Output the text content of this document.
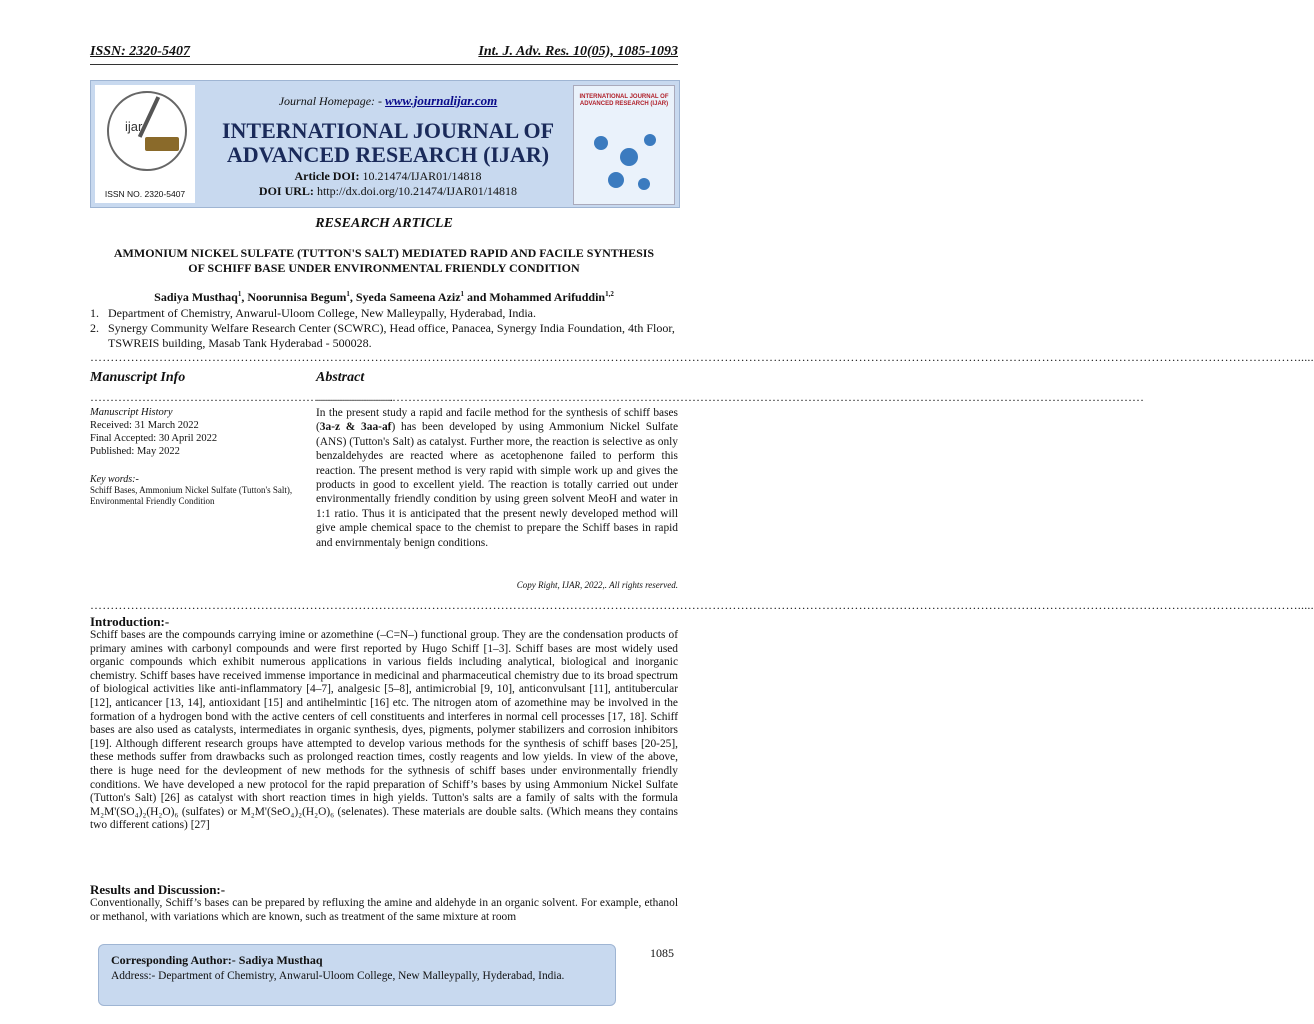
ISSN: 2320-5407	Int. J. Adv. Res. 10(05), 1085-1093
ijar
ISSN NO. 2320-5407
Journal Homepage: - www.journalijar.com
INTERNATIONAL JOURNAL OF
ADVANCED RESEARCH (IJAR)
Article DOI: 10.21474/IJAR01/14818
DOI URL: http://dx.doi.org/10.21474/IJAR01/14818
INTERNATIONAL JOURNAL OF ADVANCED RESEARCH (IJAR)
RESEARCH ARTICLE
AMMONIUM NICKEL SULFATE (TUTTON'S SALT) MEDIATED RAPID AND FACILE SYNTHESIS
OF SCHIFF BASE UNDER ENVIRONMENTAL FRIENDLY CONDITION
Sadiya Musthaq$^1$, Noorunnisa Begum$^1$, Syeda Sameena Aziz$^1$ and Mohammed Arifuddin$^{1,2}$
1.   Department of Chemistry, Anwarul-Uloom College, New Malleypally, Hyderabad, India.
2.   Synergy Community Welfare Research Center (SCWRC), Head office, Panacea, Synergy India Foundation, 4th Floor, TSWREIS building, Masab Tank Hyderabad - 500028.
……………………………………………………………………………………………………………………………………………………………………………………………………………………………………………………………………….....
Manuscript Info	Abstract
………………………………………………………………….
………………………………………………………………………………………………………………………………………………………………………………………
Manuscript History
Received: 31 March 2022
Final Accepted: 30 April 2022
Published: May 2022
Key words:-
Schiff Bases, Ammonium Nickel Sulfate (Tutton's Salt), Environmental Friendly Condition
In the present study a rapid and facile method for the synthesis of schiff bases (3a-z & 3aa-af) has been developed by using Ammonium Nickel Sulfate (ANS) (Tutton's Salt) as catalyst. Further more, the reaction is selective as only benzaldehydes are reacted where as acetophenone failed to perform this reaction. The present method is very rapid with simple work up and gives the products in good to excellent yield. The reaction is totally carried out under environmentally friendly condition by using green solvent MeoH and water in 1:1 ratio. Thus it is anticipated that the present newly developed method will give ample chemical space to the chemist to prepare the Schiff bases in rapid and envirnmentaly benign conditions.
Copy Right, IJAR, 2022,. All rights reserved.
……………………………………………………………………………………………………………………………………………………………………………………………………………………………………………………………………….....
Introduction:-
Schiff bases are the compounds carrying imine or azomethine (–C=N–) functional group. They are the condensation products of primary amines with carbonyl compounds and were first reported by Hugo Schiff [1–3]. Schiff bases are most widely used organic compounds which exhibit numerous applications in various fields including analytical, biological and inorganic chemistry. Schiff bases have received immense importance in medicinal and pharmaceutical chemistry due to its broad spectrum of biological activities like anti-inflammatory [4–7], analgesic [5–8], antimicrobial [9, 10], anticonvulsant [11], antitubercular [12], anticancer [13, 14], antioxidant [15] and antihelmintic [16] etc. The nitrogen atom of azomethine may be involved in the formation of a hydrogen bond with the active centers of cell constituents and interferes in normal cell processes [17, 18]. Schiff bases are also used as catalysts, intermediates in organic synthesis, dyes, pigments, polymer stabilizers and corrosion inhibitors [19]. Although different research groups have attempted to develop various methods for the synthesis of schiff bases [20-25], these methods suffer from drawbacks such as prolonged reaction times, costly reagents and low yields. In view of the above, there is huge need for the devleopment of new methods for the sythnesis of schiff bases under environmentally friendly conditions. We have developed a new protocol for the rapid preparation of Schiff’s bases by using Ammonium Nickel Sulfate (Tutton's Salt) [26] as catalyst with short reaction times in high yields. Tutton's salts are a family of salts with the formula M₂M'(SO₄)₂(H₂O)₆ (sulfates) or M₂M'(SeO₄)₂(H₂O)₆ (selenates). These materials are double salts. (Which means they contains two different cations) [27]
Results and Discussion:-
Conventionally, Schiff’s bases can be prepared by refluxing the amine and aldehyde in an organic solvent. For example, ethanol or methanol, with variations which are known, such as treatment of the same mixture at room
Corresponding Author:- Sadiya Musthaq
Address:- Department of Chemistry, Anwarul-Uloom College, New Malleypally, Hyderabad, India.
1085
